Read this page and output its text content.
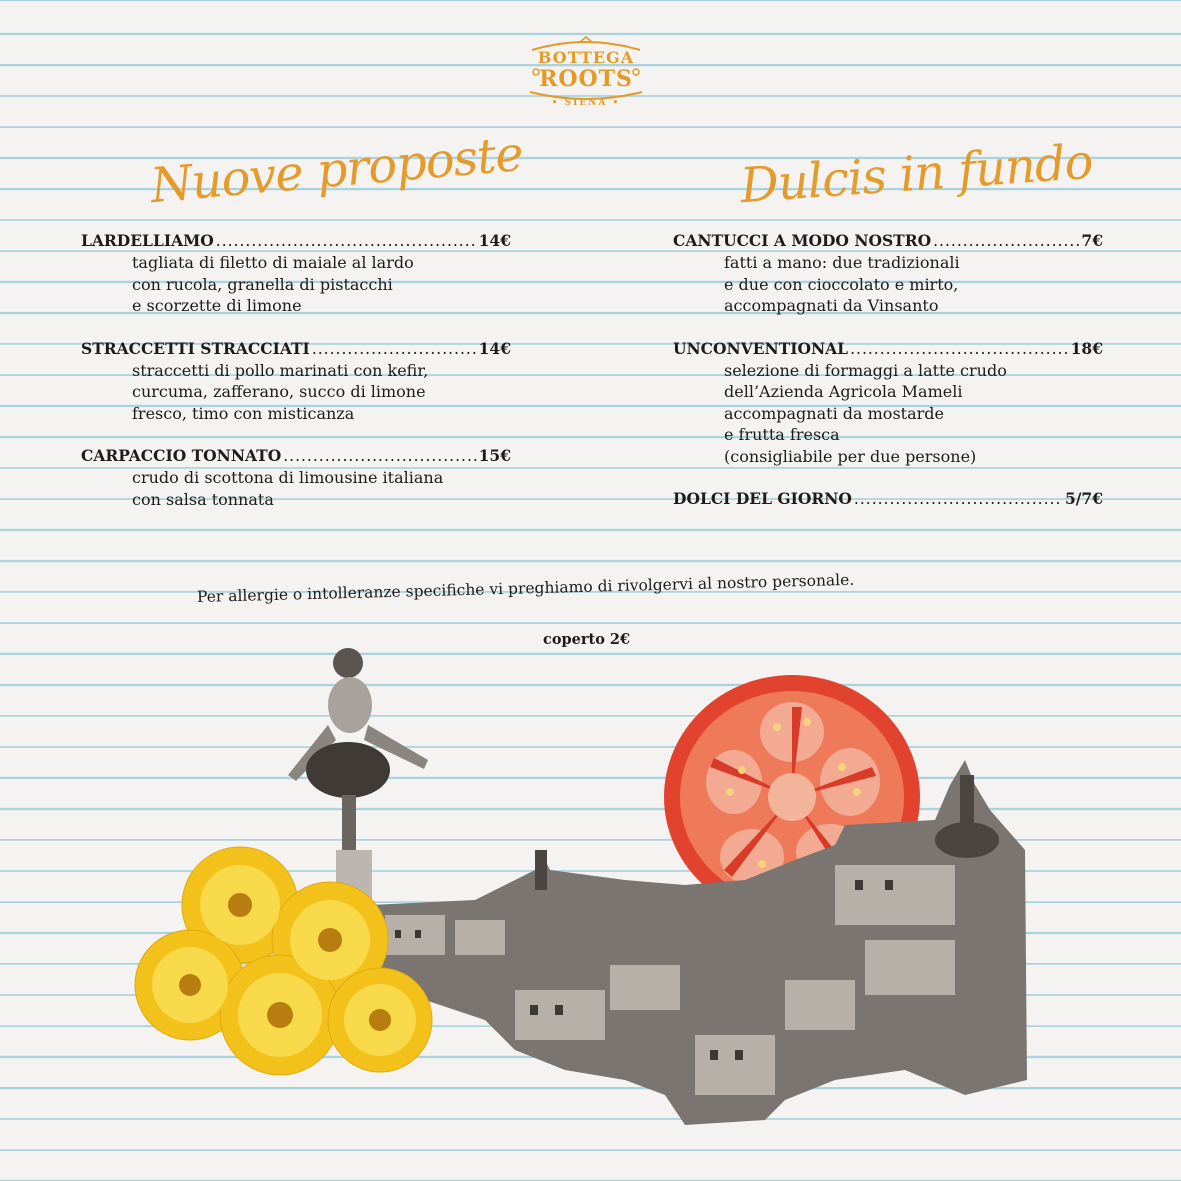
BOTTEGA
ROOTS
• SIENA •
Nuove proposte	Dulcis in fundo
LARDELLIAMO .....	14€
tagliata di filetto di maiale al lardo
con rucola, granella di pistacchi
e scorzette di limone
STRACCETTI STRACCIATI .....	14€
straccetti di pollo marinati con kefir,
curcuma, zafferano, succo di limone
fresco, timo con misticanza
CARPACCIO TONNATO .....	15€
crudo di scottona di limousine italiana
con salsa tonnata
CANTUCCI A MODO NOSTRO .....	7€
fatti a mano: due tradizionali
e due con cioccolato e mirto,
accompagnati da Vinsanto
UNCONVENTIONAL .....	18€
selezione di formaggi a latte crudo
dell’Azienda Agricola Mameli
accompagnati da mostarde
e frutta fresca
(consigliabile per due persone)
DOLCI DEL GIORNO .....	5/7€
Per allergie o intolleranze specifiche vi preghiamo di rivolgervi al nostro personale.
coperto 2€
